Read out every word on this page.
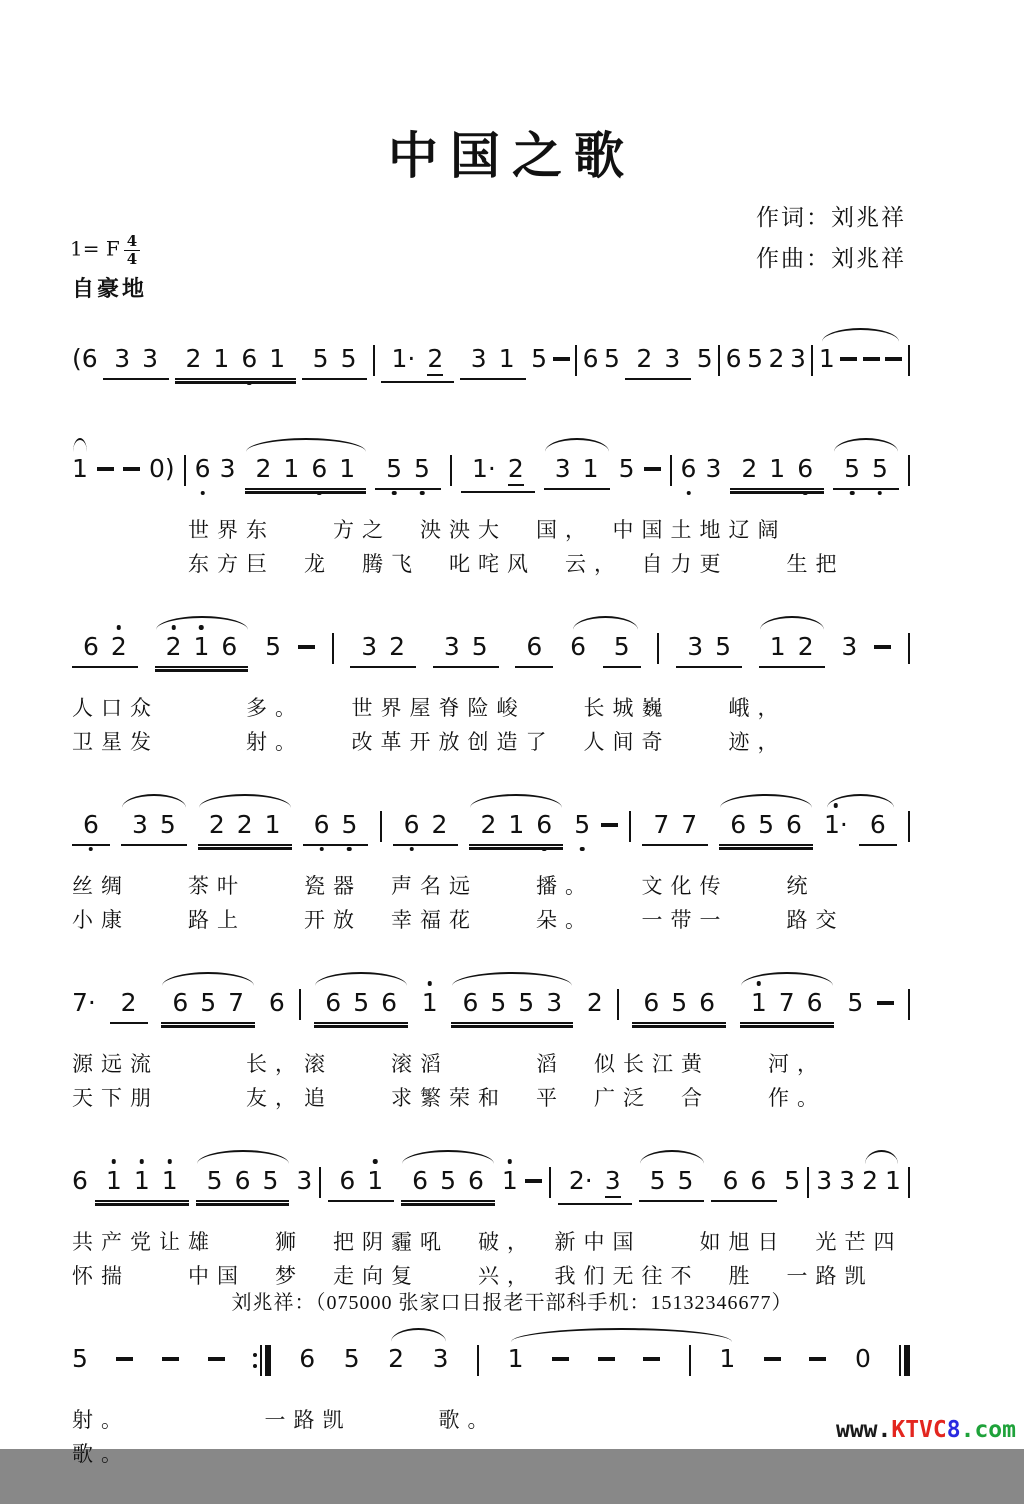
中国之歌
作词：刘兆祥
作曲：刘兆祥
1= F $\frac{4}{4}$
自豪地
(6 3 3 2 1 6 1 5 5 1· 2 3 1 5 6 5 2 3 5 6 5 2 3 1
1 0) 6 3 2 1 6 1 5 5 1· 2 3 1 5 6 3 2 1 6 5 5
　　　　世界东　　方之　泱泱大　国，　中国土地辽阔
　　　　东方巨　龙　腾飞　叱咤风　云，　自力更　　生把
6 2 2 1 6 5	3 2 3 5 6 6 5 3 5 1 2 3
人口众　　　多。　　世界屋脊险峻　　长城巍　　峨，
卫星发　　　射。　　改革开放创造了　人间奇　　迹，
6 3 5 2 2 1 6 5 6 2 2 1 6 5	7 7 6 5 6 1· 6
丝绸　　茶叶　　瓷器　声名远　　播。　　文化传　　统
小康　　路上　　开放　幸福花　　朵。　　一带一　　路交
7· 2 6 5 7 6 6 5 6 1 6 5 5 3 2 6 5 6 1 7 6 5
源远流　　　长，滚　　滚滔　　　滔　似长江黄　　河，
天下朋　　　友，追　　求繁荣和　平　广泛　合　　作。
6 1 1 1 5 6 5 3 6 1 6 5 6 1 2· 3 5 5 6 6 5 3 3 2 1
共产党让雄　　狮　把阴霾吼　破，　新中国　　如旭日　光芒四
怀揣　　中国　梦　走向复　　兴，　我们无往不　胜　一路凯
5	6 5 2 3 1	1	0
射。　　　　　一路凯　　　歌。
歌。
刘兆祥：（075000 张家口日报老干部科手机：15132346677）
www.KTVC8.com
